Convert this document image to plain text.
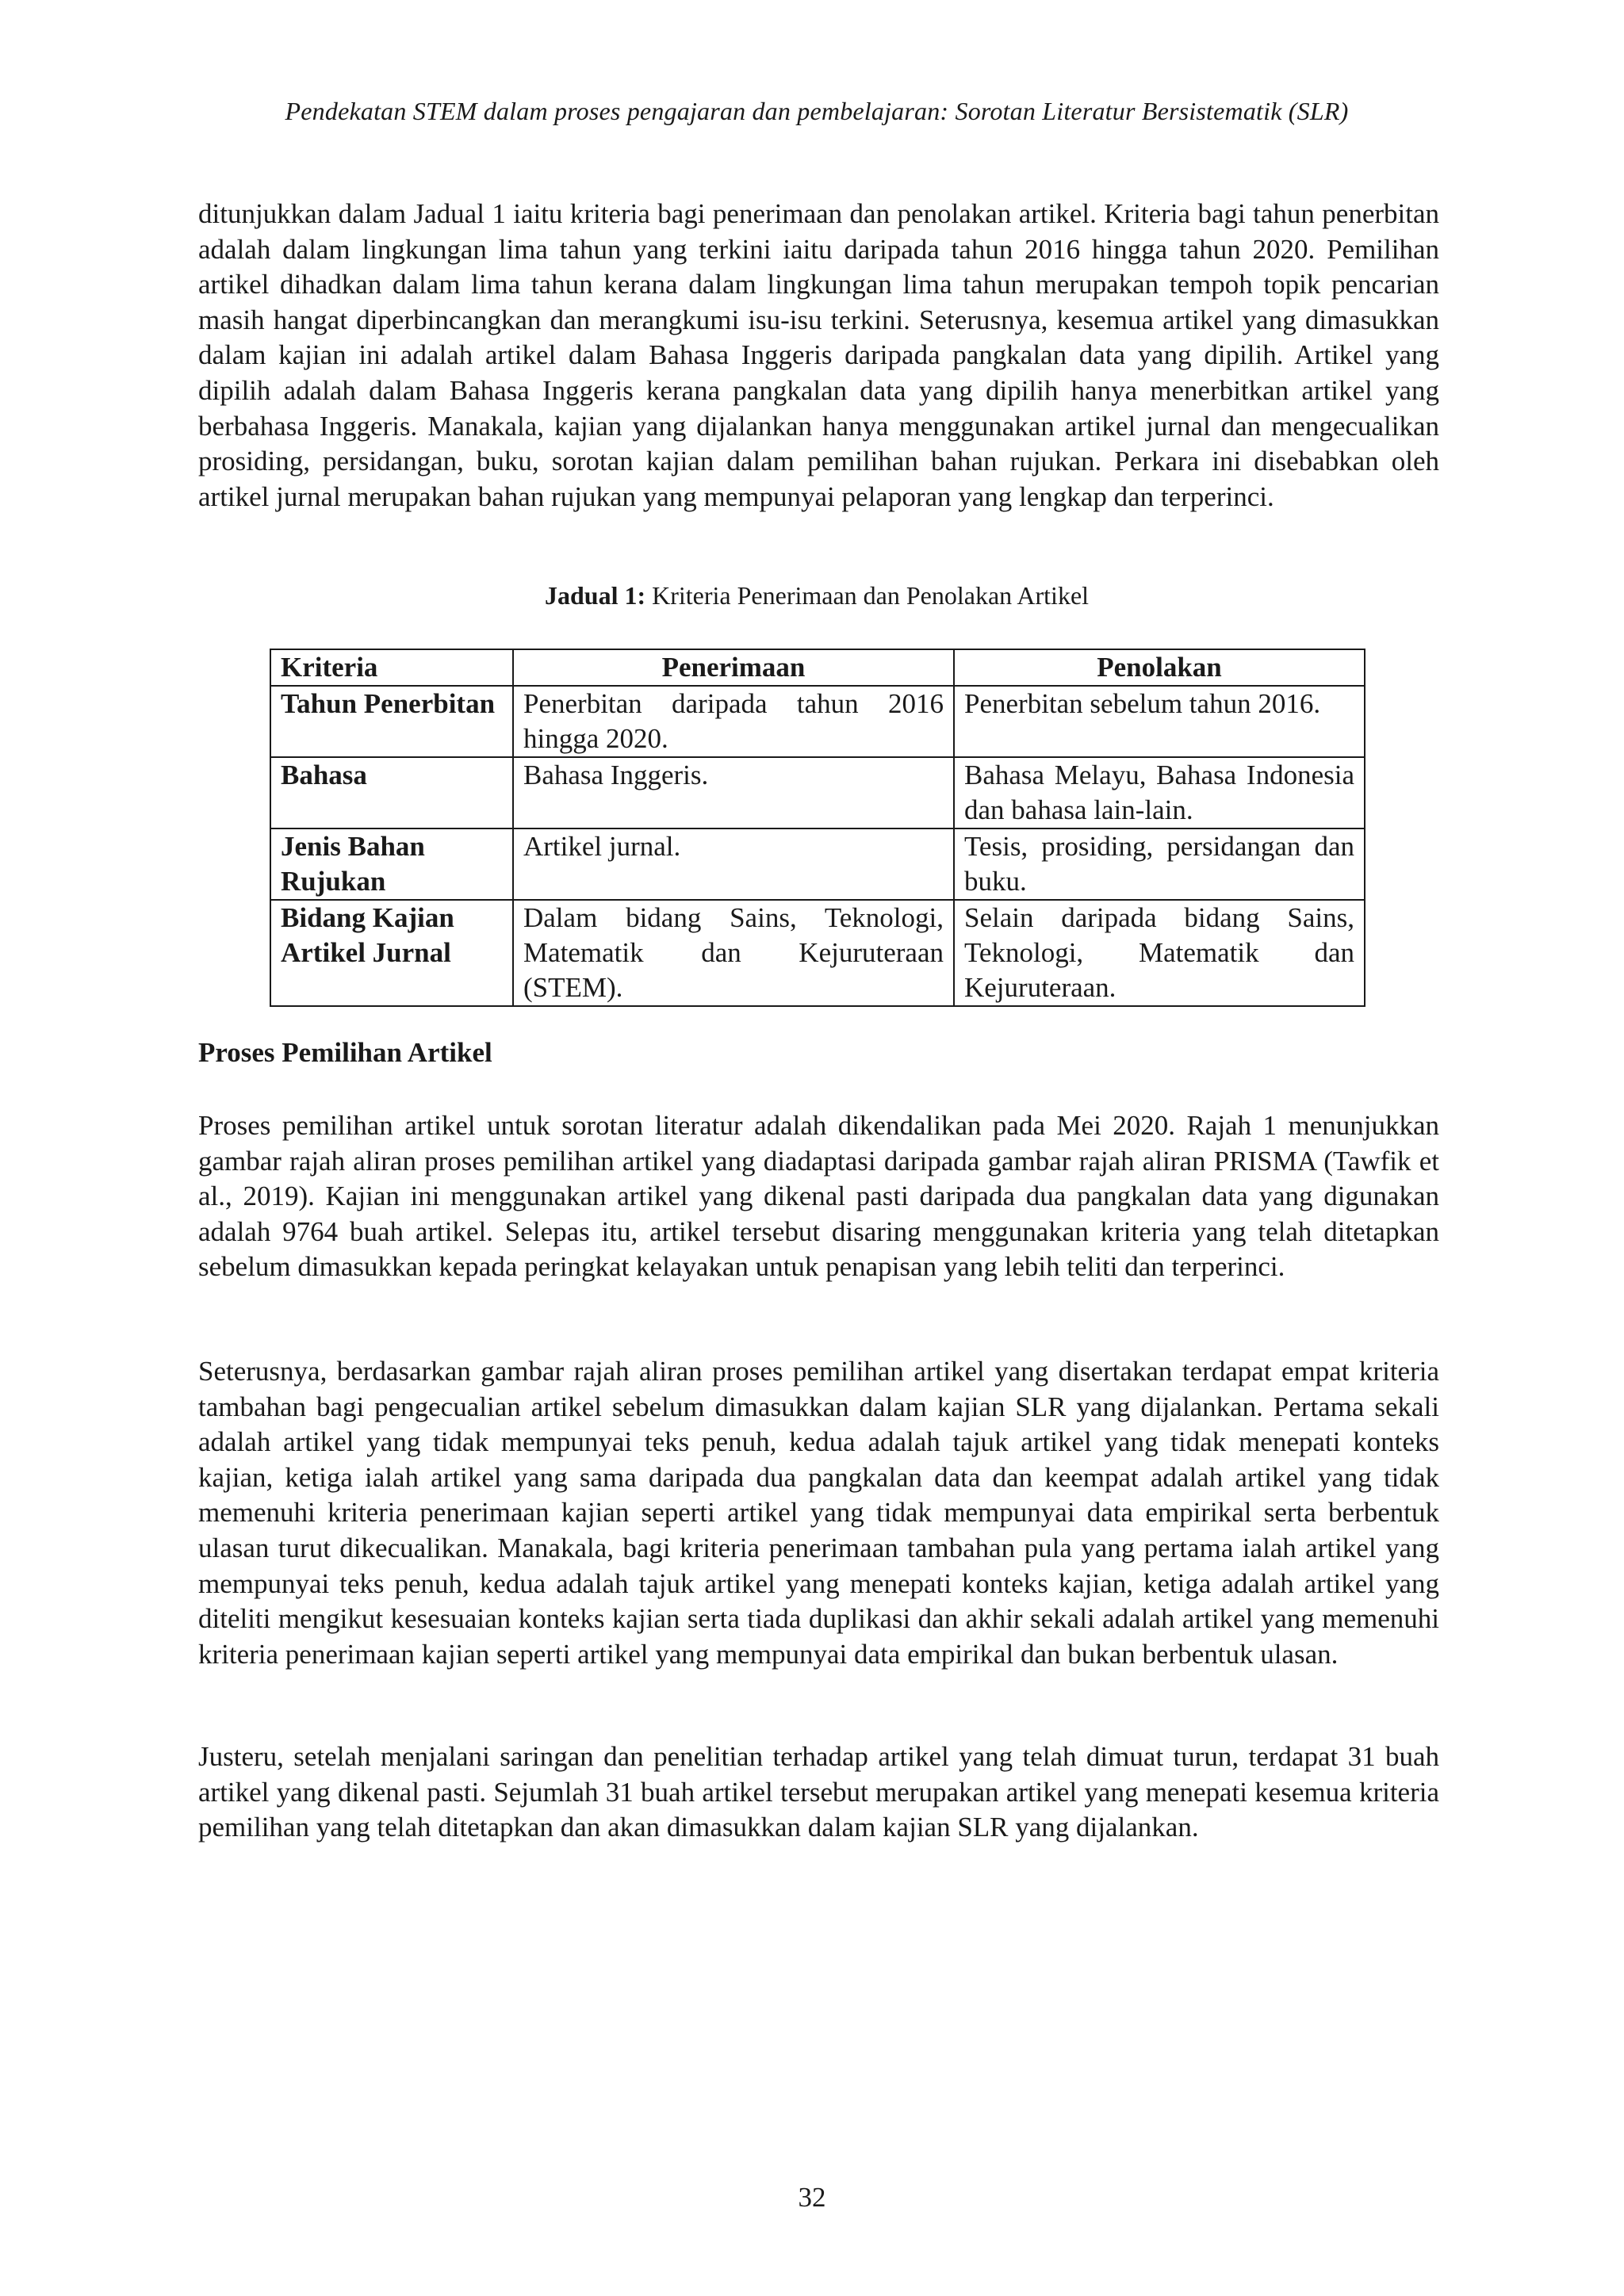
Pendekatan STEM dalam proses pengajaran dan pembelajaran: Sorotan Literatur Bersistematik (SLR)

ditunjukkan dalam Jadual 1 iaitu kriteria bagi penerimaan dan penolakan artikel. Kriteria bagi tahun penerbitan adalah dalam lingkungan lima tahun yang terkini iaitu daripada tahun 2016 hingga tahun 2020. Pemilihan artikel dihadkan dalam lima tahun kerana dalam lingkungan lima tahun merupakan tempoh topik pencarian masih hangat diperbincangkan dan merangkumi isu-isu terkini. Seterusnya, kesemua artikel yang dimasukkan dalam kajian ini adalah artikel dalam Bahasa Inggeris daripada pangkalan data yang dipilih. Artikel yang dipilih adalah dalam Bahasa Inggeris kerana pangkalan data yang dipilih hanya menerbitkan artikel yang berbahasa Inggeris. Manakala, kajian yang dijalankan hanya menggunakan artikel jurnal dan mengecualikan prosiding, persidangan, buku, sorotan kajian dalam pemilihan bahan rujukan. Perkara ini disebabkan oleh artikel jurnal merupakan bahan rujukan yang mempunyai pelaporan yang lengkap dan terperinci.

Jadual 1: Kriteria Penerimaan dan Penolakan Artikel
Kriteria	Penerimaan	Penolakan
Tahun Penerbitan	Penerbitan daripada tahun 2016 hingga 2020.	Penerbitan sebelum tahun 2016.
Bahasa	Bahasa Inggeris.	Bahasa Melayu, Bahasa Indonesia dan bahasa lain-lain.
Jenis Bahan Rujukan	Artikel jurnal.	Tesis, prosiding, persidangan dan buku.
Bidang Kajian Artikel Jurnal	Dalam bidang Sains, Teknologi, Matematik dan Kejuruteraan (STEM).	Selain daripada bidang Sains, Teknologi, Matematik dan Kejuruteraan.
Proses Pemilihan Artikel

Proses pemilihan artikel untuk sorotan literatur adalah dikendalikan pada Mei 2020. Rajah 1 menunjukkan gambar rajah aliran proses pemilihan artikel yang diadaptasi daripada gambar rajah aliran PRISMA (Tawfik et al., 2019). Kajian ini menggunakan artikel yang dikenal pasti daripada dua pangkalan data yang digunakan adalah 9764 buah artikel. Selepas itu, artikel tersebut disaring menggunakan kriteria yang telah ditetapkan sebelum dimasukkan kepada peringkat kelayakan untuk penapisan yang lebih teliti dan terperinci.

Seterusnya, berdasarkan gambar rajah aliran proses pemilihan artikel yang disertakan terdapat empat kriteria tambahan bagi pengecualian artikel sebelum dimasukkan dalam kajian SLR yang dijalankan. Pertama sekali adalah artikel yang tidak mempunyai teks penuh, kedua adalah tajuk artikel yang tidak menepati konteks kajian, ketiga ialah artikel yang sama daripada dua pangkalan data dan keempat adalah artikel yang tidak memenuhi kriteria penerimaan kajian seperti artikel yang tidak mempunyai data empirikal serta berbentuk ulasan turut dikecualikan. Manakala, bagi kriteria penerimaan tambahan pula yang pertama ialah artikel yang mempunyai teks penuh, kedua adalah tajuk artikel yang menepati konteks kajian, ketiga adalah artikel yang diteliti mengikut kesesuaian konteks kajian serta tiada duplikasi dan akhir sekali adalah artikel yang memenuhi kriteria penerimaan kajian seperti artikel yang mempunyai data empirikal dan bukan berbentuk ulasan.

Justeru, setelah menjalani saringan dan penelitian terhadap artikel yang telah dimuat turun, terdapat 31 buah artikel yang dikenal pasti. Sejumlah 31 buah artikel tersebut merupakan artikel yang menepati kesemua kriteria pemilihan yang telah ditetapkan dan akan dimasukkan dalam kajian SLR yang dijalankan.

32
